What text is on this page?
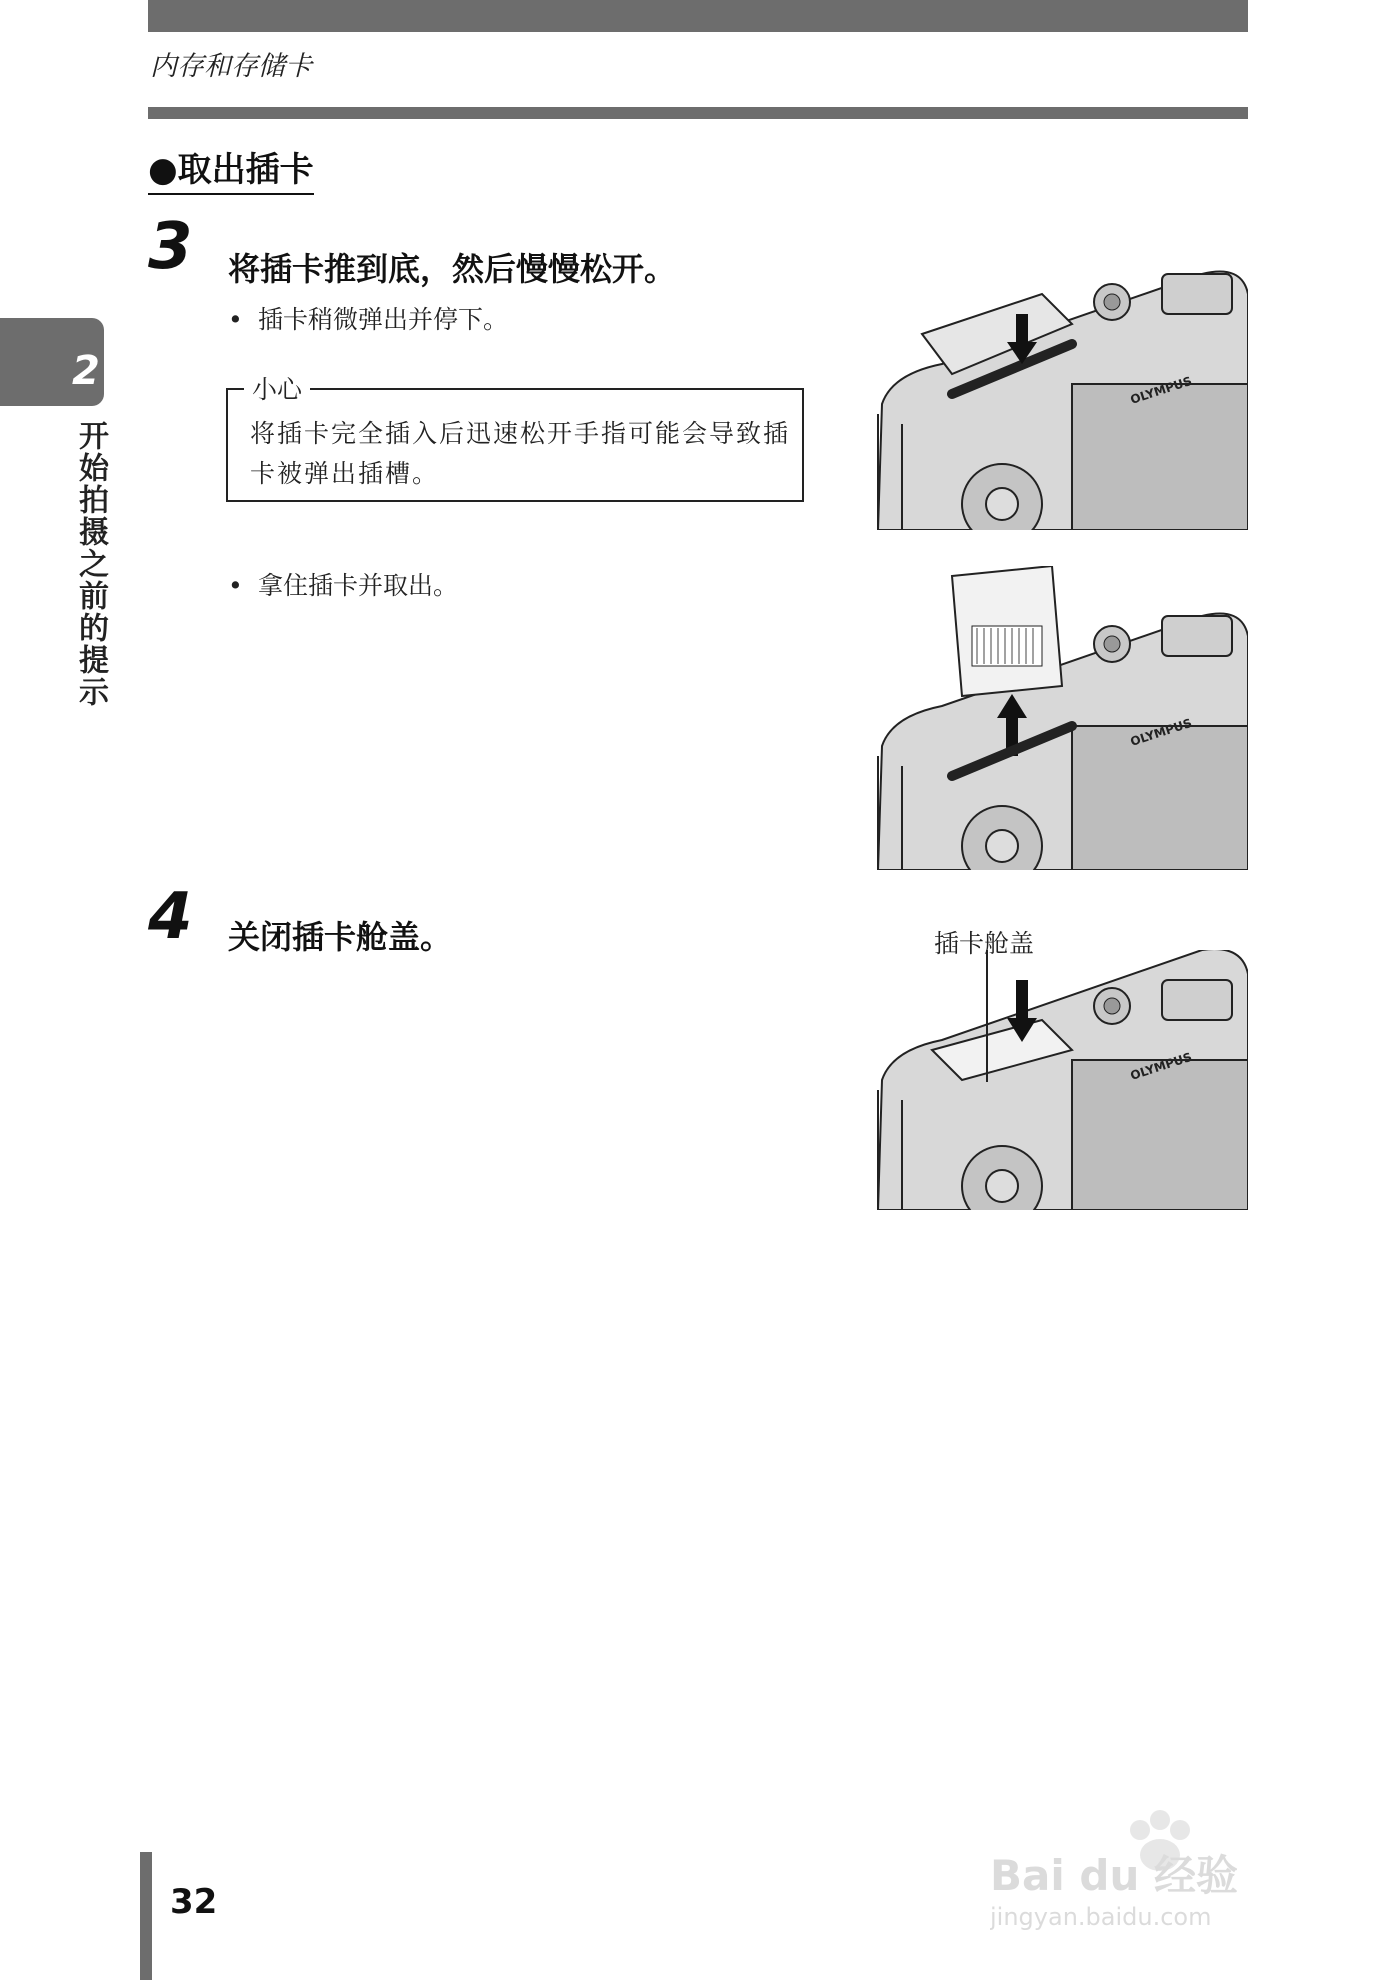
内存和存储卡
2
开始拍摄之前的提示
●取出插卡
3 将插卡推到底，然后慢慢松开。
• 插卡稍微弹出并停下。
小心
将插卡完全插入后迅速松开手指可能会导致插卡被弹出插槽。
• 拿住插卡并取出。
4 关闭插卡舱盖。
OLYMPUS
OLYMPUS
插卡舱盖
OLYMPUS
32
Bai du 经验
jingyan.baidu.com
